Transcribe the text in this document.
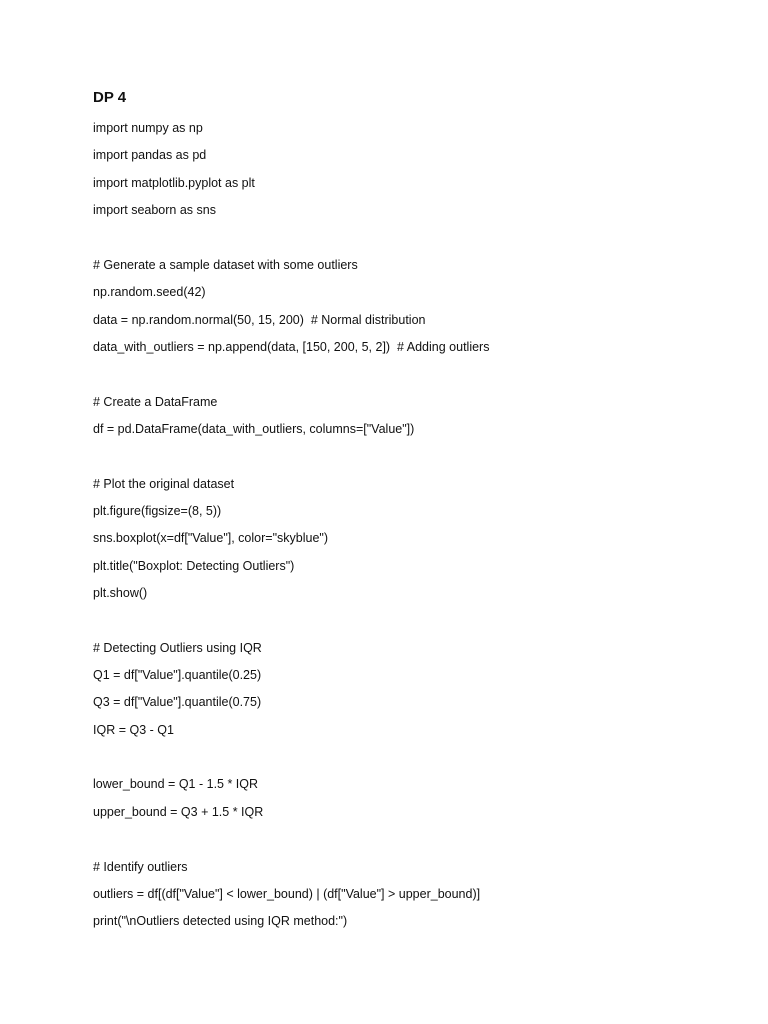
DP 4
import numpy as np
import pandas as pd
import matplotlib.pyplot as plt
import seaborn as sns
# Generate a sample dataset with some outliers
np.random.seed(42)
data = np.random.normal(50, 15, 200)  # Normal distribution
data_with_outliers = np.append(data, [150, 200, 5, 2])  # Adding outliers
# Create a DataFrame
df = pd.DataFrame(data_with_outliers, columns=["Value"])
# Plot the original dataset
plt.figure(figsize=(8, 5))
sns.boxplot(x=df["Value"], color="skyblue")
plt.title("Boxplot: Detecting Outliers")
plt.show()
# Detecting Outliers using IQR
Q1 = df["Value"].quantile(0.25)
Q3 = df["Value"].quantile(0.75)
IQR = Q3 - Q1
lower_bound = Q1 - 1.5 * IQR
upper_bound = Q3 + 1.5 * IQR
# Identify outliers
outliers = df[(df["Value"] < lower_bound) | (df["Value"] > upper_bound)]
print("\nOutliers detected using IQR method:")
